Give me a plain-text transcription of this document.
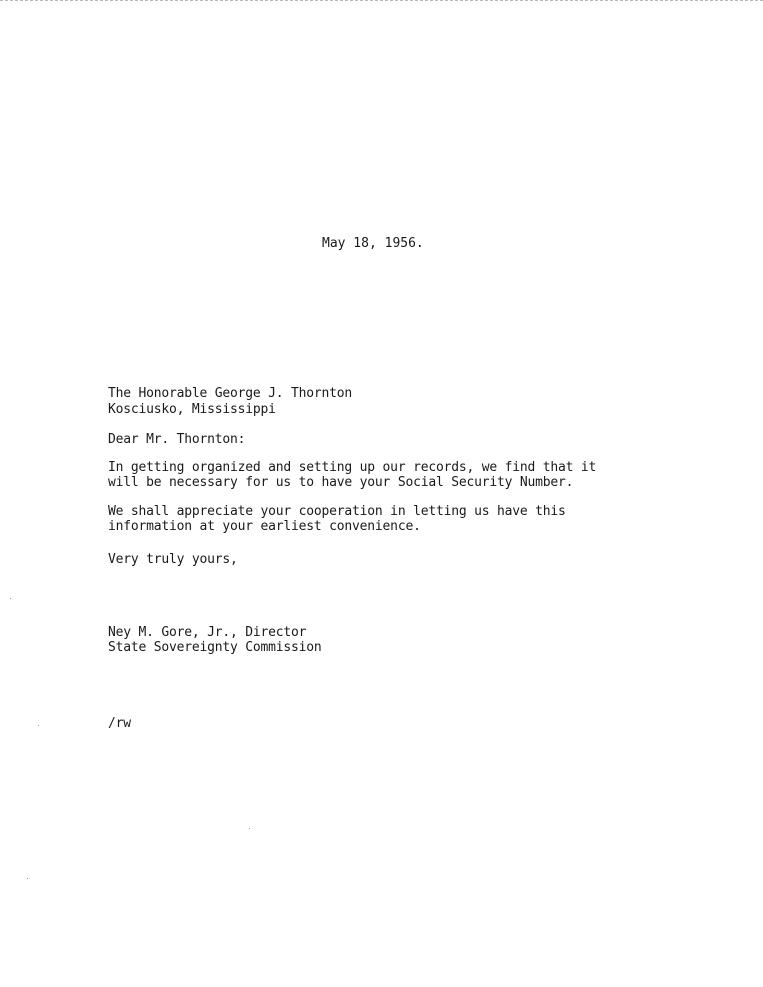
May 18, 1956.
The Honorable George J. Thornton
Kosciusko, Mississippi
Dear Mr. Thornton:
In getting organized and setting up our records, we find that it
will be necessary for us to have your Social Security Number.
We shall appreciate your cooperation in letting us have this
information at your earliest convenience.
Very truly yours,
Ney M. Gore, Jr., Director
State Sovereignty Commission
/rw
